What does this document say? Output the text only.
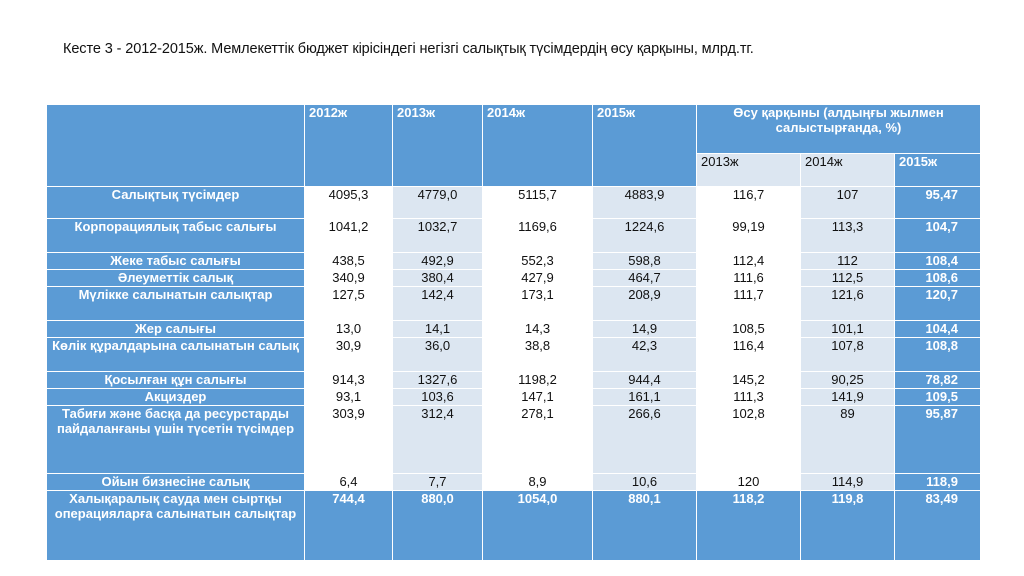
Кесте 3 - 2012-2015ж. Мемлекеттік бюджет кірісіндегі негізгі салықтық түсімдердің өсу қарқыны, млрд.тг.
	2012ж	2013ж	2014ж	2015ж	Өсу қарқыны (алдыңғы жылмен салыстырғанда, %)		
					2013ж	2014ж	2015ж
Салықтық түсімдер	4095,3	4779,0	5115,7	4883,9	116,7	107	95,47
Корпорациялық табыс салығы	1041,2	1032,7	1169,6	1224,6	99,19	113,3	104,7
Жеке табыс салығы	438,5	492,9	552,3	598,8	112,4	112	108,4
Әлеуметтік салық	340,9	380,4	427,9	464,7	111,6	112,5	108,6
Мүлікке салынатын салықтар	127,5	142,4	173,1	208,9	111,7	121,6	120,7
Жер салығы	13,0	14,1	14,3	14,9	108,5	101,1	104,4
Көлік құралдарына салынатын салық	30,9	36,0	38,8	42,3	116,4	107,8	108,8
Қосылған құн салығы	914,3	1327,6	1198,2	944,4	145,2	90,25	78,82
Акциздер	93,1	103,6	147,1	161,1	111,3	141,9	109,5
Табиғи және басқа да ресурстарды пайдаланғаны үшін түсетін түсімдер	303,9	312,4	278,1	266,6	102,8	89	95,87
Ойын бизнесіне салық	6,4	7,7	8,9	10,6	120	114,9	118,9
Халықаралық сауда мен сыртқы операцияларға салынатын салықтар	744,4	880,0	1054,0	880,1	118,2	119,8	83,49
